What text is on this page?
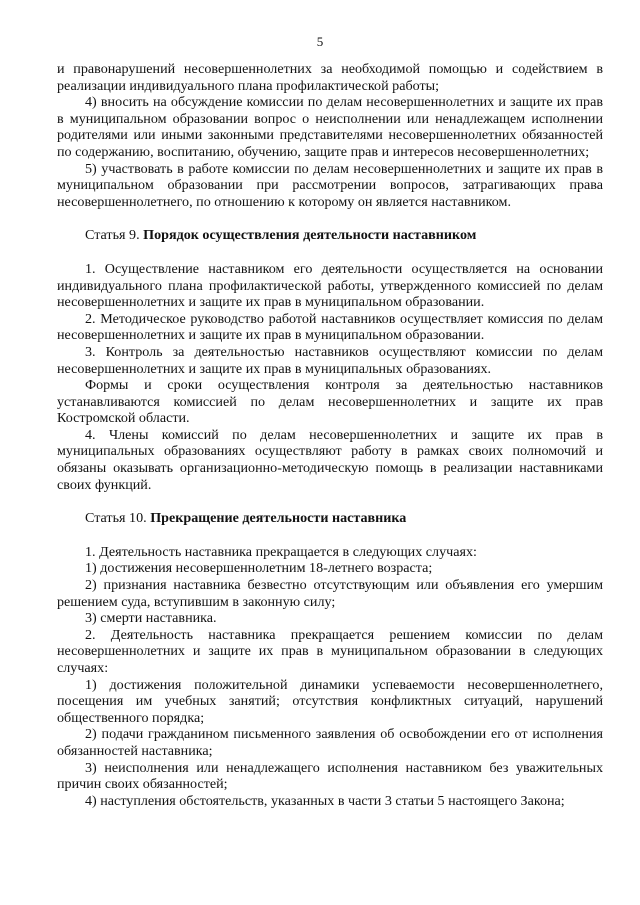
5

и правонарушений несовершеннолетних за необходимой помощью и содействием в реализации индивидуального плана профилактической работы;

4) вносить на обсуждение комиссии по делам несовершеннолетних и защите их прав в муниципальном образовании вопрос о неисполнении или ненадлежащем исполнении родителями или иными законными представителями несовершеннолетних обязанностей по содержанию, воспитанию, обучению, защите прав и интересов несовершеннолетних;

5) участвовать в работе комиссии по делам несовершеннолетних и защите их прав в муниципальном образовании при рассмотрении вопросов, затрагивающих права несовершеннолетнего, по отношению к которому он является наставником.

Статья 9. Порядок осуществления деятельности наставником

1. Осуществление наставником его деятельности осуществляется на основании индивидуального плана профилактической работы, утвержденного комиссией по делам несовершеннолетних и защите их прав в муниципальном образовании.

2. Методическое руководство работой наставников осуществляет комиссия по делам несовершеннолетних и защите их прав в муниципальном образовании.

3. Контроль за деятельностью наставников осуществляют комиссии по делам несовершеннолетних и защите их прав в муниципальных образованиях.

Формы и сроки осуществления контроля за деятельностью наставников устанавливаются комиссией по делам несовершеннолетних и защите их прав Костромской области.

4. Члены комиссий по делам несовершеннолетних и защите их прав в муниципальных образованиях осуществляют работу в рамках своих полномочий и обязаны оказывать организационно-методическую помощь в реализации наставниками своих функций.

Статья 10. Прекращение деятельности наставника

1. Деятельность наставника прекращается в следующих случаях:

1) достижения несовершеннолетним 18-летнего возраста;

2) признания наставника безвестно отсутствующим или объявления его умершим решением суда, вступившим в законную силу;

3) смерти наставника.

2. Деятельность наставника прекращается решением комиссии по делам несовершеннолетних и защите их прав в муниципальном образовании в следующих случаях:

1) достижения положительной динамики успеваемости несовершеннолетнего, посещения им учебных занятий; отсутствия конфликтных ситуаций, нарушений общественного порядка;

2) подачи гражданином письменного заявления об освобождении его от исполнения обязанностей наставника;

3) неисполнения или ненадлежащего исполнения наставником без уважительных причин своих обязанностей;

4) наступления обстоятельств, указанных в части 3 статьи 5 настоящего Закона;
